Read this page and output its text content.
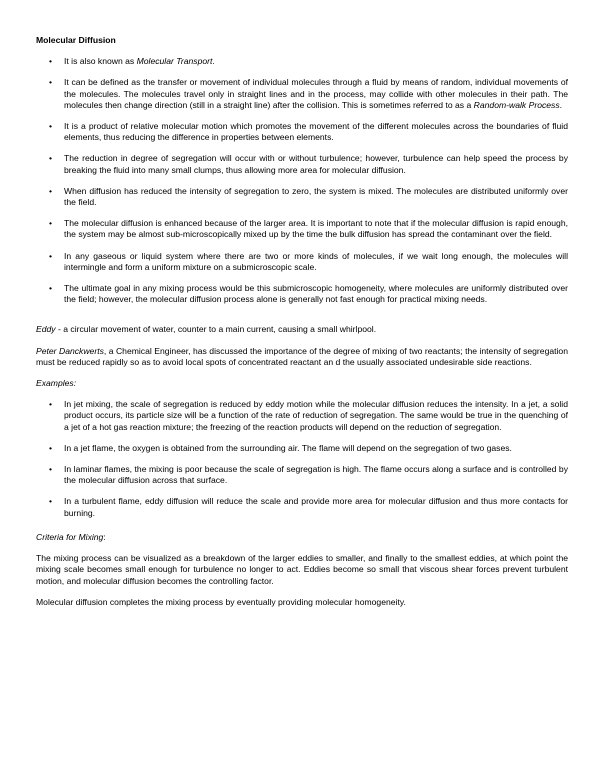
Molecular Diffusion
• It is also known as Molecular Transport.
• It can be defined as the transfer or movement of individual molecules through a fluid by means of random, individual movements of the molecules. The molecules travel only in straight lines and in the process, may collide with other molecules in their path. The molecules then change direction (still in a straight line) after the collision. This is sometimes referred to as a Random-walk Process.
• It is a product of relative molecular motion which promotes the movement of the different molecules across the boundaries of fluid elements, thus reducing the difference in properties between elements.
• The reduction in degree of segregation will occur with or without turbulence; however, turbulence can help speed the process by breaking the fluid into many small clumps, thus allowing more area for molecular diffusion.
• When diffusion has reduced the intensity of segregation to zero, the system is mixed. The molecules are distributed uniformly over the field.
• The molecular diffusion is enhanced because of the larger area. It is important to note that if the molecular diffusion is rapid enough, the system may be almost sub-microscopically mixed up by the time the bulk diffusion has spread the contaminant over the field.
• In any gaseous or liquid system where there are two or more kinds of molecules, if we wait long enough, the molecules will intermingle and form a uniform mixture on a submicroscopic scale.
• The ultimate goal in any mixing process would be this submicroscopic homogeneity, where molecules are uniformly distributed over the field; however, the molecular diffusion process alone is generally not fast enough for practical mixing needs.

Eddy - a circular movement of water, counter to a main current, causing a small whirlpool.

Peter Danckwerts, a Chemical Engineer, has discussed the importance of the degree of mixing of two reactants; the intensity of segregation must be reduced rapidly so as to avoid local spots of concentrated reactant an d the usually associated undesirable side reactions.

Examples:

• In jet mixing, the scale of segregation is reduced by eddy motion while the molecular diffusion reduces the intensity. In a jet, a solid product occurs, its particle size will be a function of the rate of reduction of segregation. The same would be true in the quenching of a jet of a hot gas reaction mixture; the freezing of the reaction products will depend on the reduction of segregation.
• In a jet flame, the oxygen is obtained from the surrounding air. The flame will depend on the segregation of two gases.
• In laminar flames, the mixing is poor because the scale of segregation is high. The flame occurs along a surface and is controlled by the molecular diffusion across that surface.
• In a turbulent flame, eddy diffusion will reduce the scale and provide more area for molecular diffusion and thus more contacts for burning.

Criteria for Mixing:

The mixing process can be visualized as a breakdown of the larger eddies to smaller, and finally to the smallest eddies, at which point the mixing scale becomes small enough for turbulence no longer to act. Eddies become so small that viscous shear forces prevent turbulent motion, and molecular diffusion becomes the controlling factor.

Molecular diffusion completes the mixing process by eventually providing molecular homogeneity.
